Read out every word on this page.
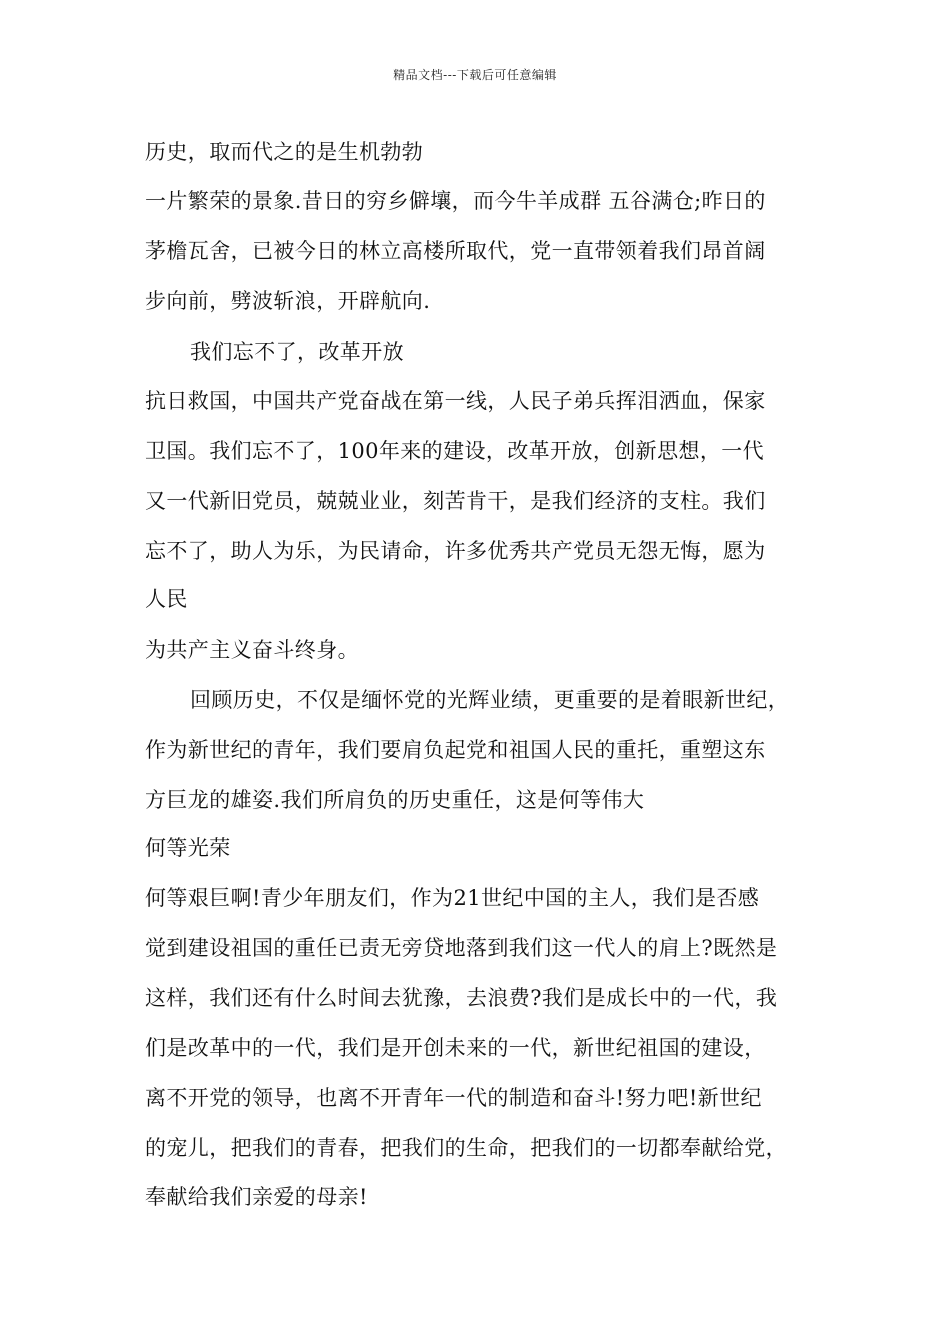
精品文档---下载后可任意编辑
历史，取而代之的是生机勃勃
一片繁荣的景象.昔日的穷乡僻壤，而今牛羊成群 五谷满仓;昨日的
茅檐瓦舍，已被今日的林立高楼所取代，党一直带领着我们昂首阔
步向前，劈波斩浪，开辟航向.
我们忘不了，改革开放
抗日救国，中国共产党奋战在第一线，人民子弟兵挥泪洒血，保家
卫国。我们忘不了，100年来的建设，改革开放，创新思想，一代
又一代新旧党员，兢兢业业，刻苦肯干，是我们经济的支柱。我们
忘不了，助人为乐，为民请命，许多优秀共产党员无怨无悔，愿为
人民
为共产主义奋斗终身。
回顾历史，不仅是缅怀党的光辉业绩，更重要的是着眼新世纪，
作为新世纪的青年，我们要肩负起党和祖国人民的重托，重塑这东
方巨龙的雄姿.我们所肩负的历史重任，这是何等伟大
何等光荣
何等艰巨啊!青少年朋友们，作为21世纪中国的主人，我们是否感
觉到建设祖国的重任已责无旁贷地落到我们这一代人的肩上?既然是
这样，我们还有什么时间去犹豫，去浪费?我们是成长中的一代，我
们是改革中的一代，我们是开创未来的一代，新世纪祖国的建设，
离不开党的领导，也离不开青年一代的制造和奋斗!努力吧!新世纪
的宠儿，把我们的青春，把我们的生命，把我们的一切都奉献给党，
奉献给我们亲爱的母亲!
